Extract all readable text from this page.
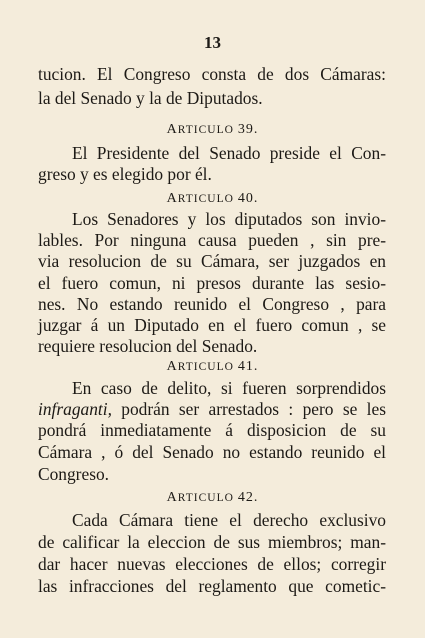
13
tucion. El Congreso consta de dos Cámaras:
la del Senado y la de Diputados.
ARTICULO 39.
El Presidente del Senado preside el Con-
greso y es elegido por él.
ARTICULO 40.
Los Senadores y los diputados son invio-
lables. Por ninguna causa pueden , sin pre-
via resolucion de su Cámara, ser juzgados en
el fuero comun, ni presos durante las sesio-
nes. No estando reunido el Congreso , para
juzgar á un Diputado en el fuero comun , se
requiere resolucion del Senado.
ARTICULO 41.
En caso de delito, si fueren sorprendidos
infraganti, podrán ser arrestados : pero se les
pondrá inmediatamente á disposicion de su
Cámara , ó del Senado no estando reunido el
Congreso.
ARTICULO 42.
Cada Cámara tiene el derecho exclusivo
de calificar la eleccion de sus miembros; man-
dar hacer nuevas elecciones de ellos; corregir
las infracciones del reglamento que cometic-
